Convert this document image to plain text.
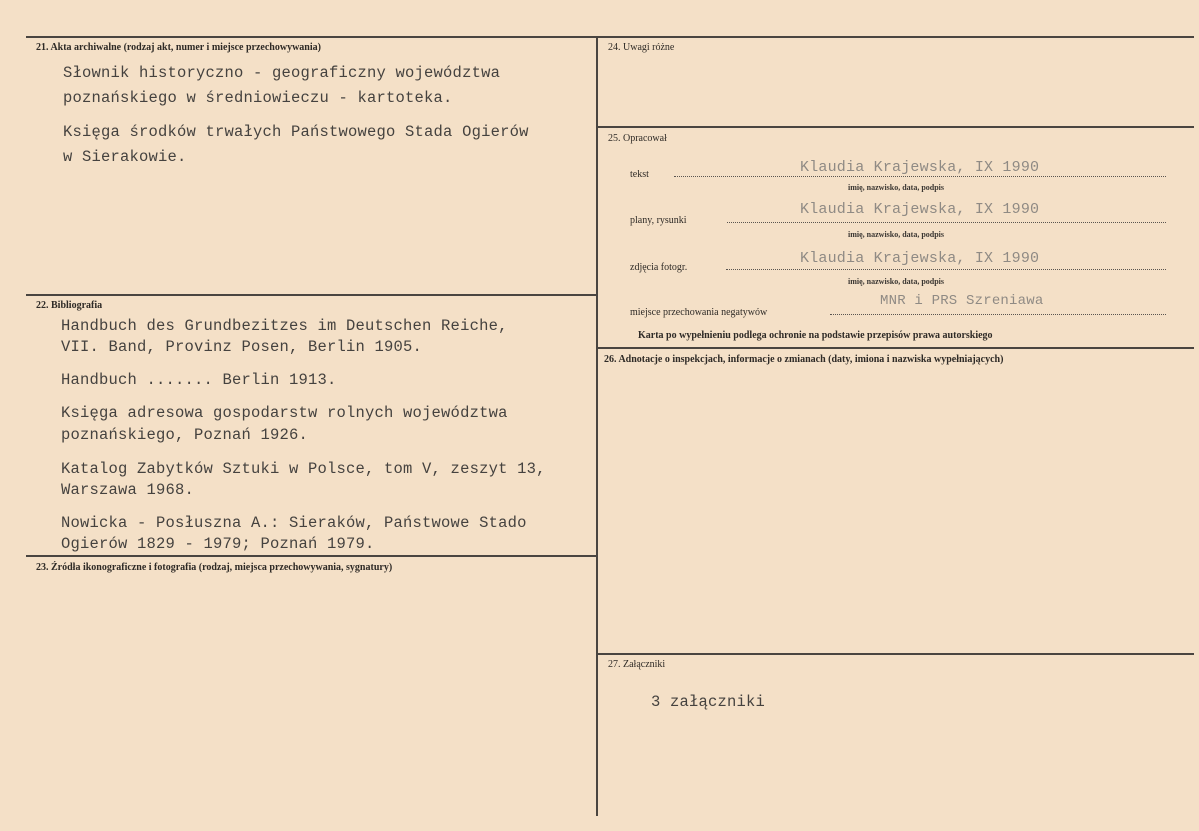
21. Akta archiwalne (rodzaj akt, numer i miejsce przechowywania)
Słownik historyczno - geograficzny województwa
poznańskiego w średniowieczu - kartoteka.
Księga środków trwałych Państwowego Stada Ogierów
w Sierakowie.
22. Bibliografia
Handbuch des Grundbezitzes im Deutschen Reiche,
VII. Band, Provinz Posen, Berlin 1905.
Handbuch ....... Berlin 1913.
Księga adresowa gospodarstw rolnych województwa
poznańskiego, Poznań 1926.
Katalog Zabytków Sztuki w Polsce, tom V, zeszyt 13,
Warszawa 1968.
Nowicka - Posłuszna A.: Sieraków, Państwowe Stado
Ogierów 1829 - 1979; Poznań 1979.
23. Źródła ikonograficzne i fotografia (rodzaj, miejsca przechowywania, sygnatury)
24. Uwagi różne
25. Opracował
tekst	Klaudia Krajewska, IX 1990
imię, nazwisko, data, podpis
plany, rysunki
Klaudia Krajewska, IX 1990
imię, nazwisko, data, podpis
zdjęcia fotogr.
Klaudia Krajewska, IX 1990
imię, nazwisko, data, podpis
miejsce przechowania negatywów
MNR i PRS Szreniawa
Karta po wypełnieniu podlega ochronie na podstawie przepisów prawa autorskiego
26. Adnotacje o inspekcjach, informacje o zmianach (daty, imiona i nazwiska wypełniających)
27. Załączniki
3 załączniki
